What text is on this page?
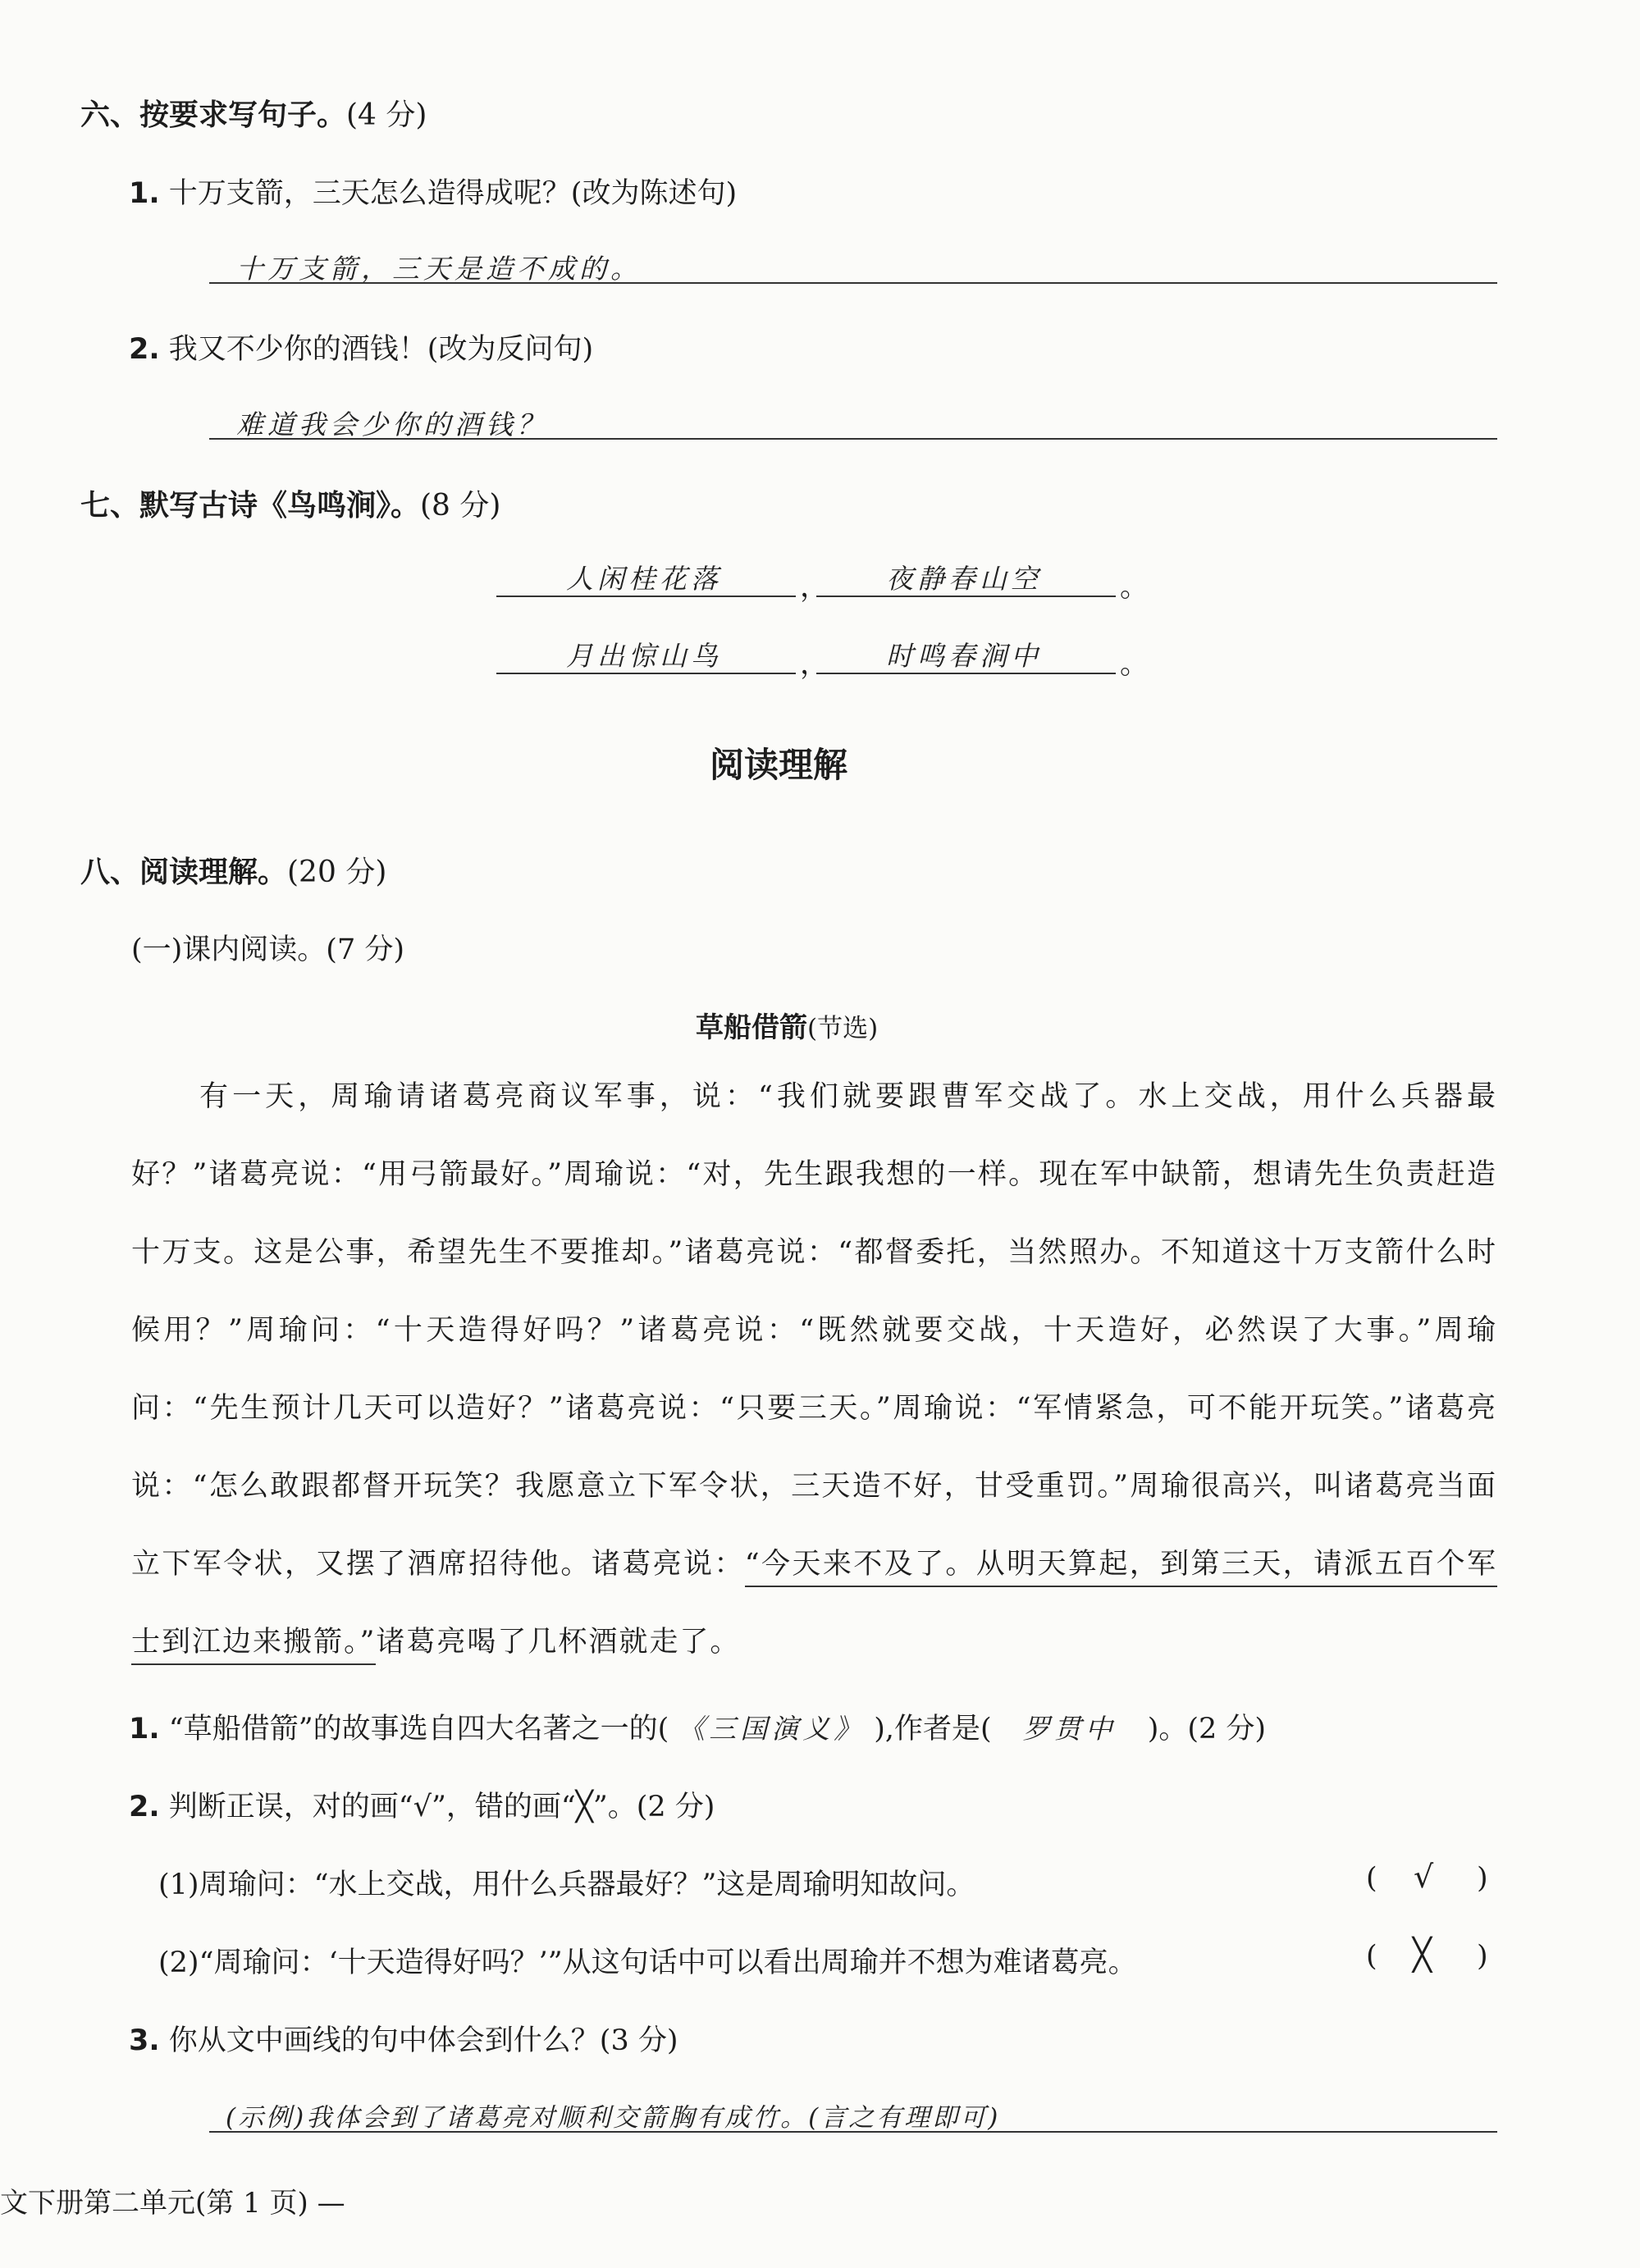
六、按要求写句子。(4 分)
1. 十万支箭，三天怎么造得成呢？(改为陈述句)
十万支箭，三天是造不成的。
2. 我又不少你的酒钱！(改为反问句)
难道我会少你的酒钱？
七、默写古诗《鸟鸣涧》。(8 分)
人闲桂花落	， 夜静春山空	。
月出惊山鸟	， 时鸣春涧中	。
阅读理解
八、阅读理解。(20 分)
(一)课内阅读。(7 分)
草船借箭(节选)
有一天，周瑜请诸葛亮商议军事，说：“我们就要跟曹军交战了。水上交战，用什么兵器最好？”诸葛亮说：“用弓箭最好。”周瑜说：“对，先生跟我想的一样。现在军中缺箭，想请先生负责赶造十万支。这是公事，希望先生不要推却。”诸葛亮说：“都督委托，当然照办。不知道这十万支箭什么时候用？”周瑜问：“十天造得好吗？”诸葛亮说：“既然就要交战，十天造好，必然误了大事。”周瑜问：“先生预计几天可以造好？”诸葛亮说：“只要三天。”周瑜说：“军情紧急，可不能开玩笑。”诸葛亮说：“怎么敢跟都督开玩笑？我愿意立下军令状，三天造不好，甘受重罚。”周瑜很高兴，叫诸葛亮当面立下军令状，又摆了酒席招待他。诸葛亮说：“今天来不及了。从明天算起，到第三天，请派五百个军士到江边来搬箭。”诸葛亮喝了几杯酒就走了。
1. “草船借箭”的故事选自四大名著之一的( 《三国演义》 ),作者是( 罗贯中 )。(2 分)
2. 判断正误，对的画“√”，错的画“╳”。(2 分)
(1)周瑜问：“水上交战，用什么兵器最好？”这是周瑜明知故问。	( √ )
(2)“周瑜问：‘十天造得好吗？’”从这句话中可以看出周瑜并不想为难诸葛亮。	( ╳ )
3. 你从文中画线的句中体会到什么？(3 分)
(示例)我体会到了诸葛亮对顺利交箭胸有成竹。(言之有理即可)
文下册第二单元(第 1 页) —
